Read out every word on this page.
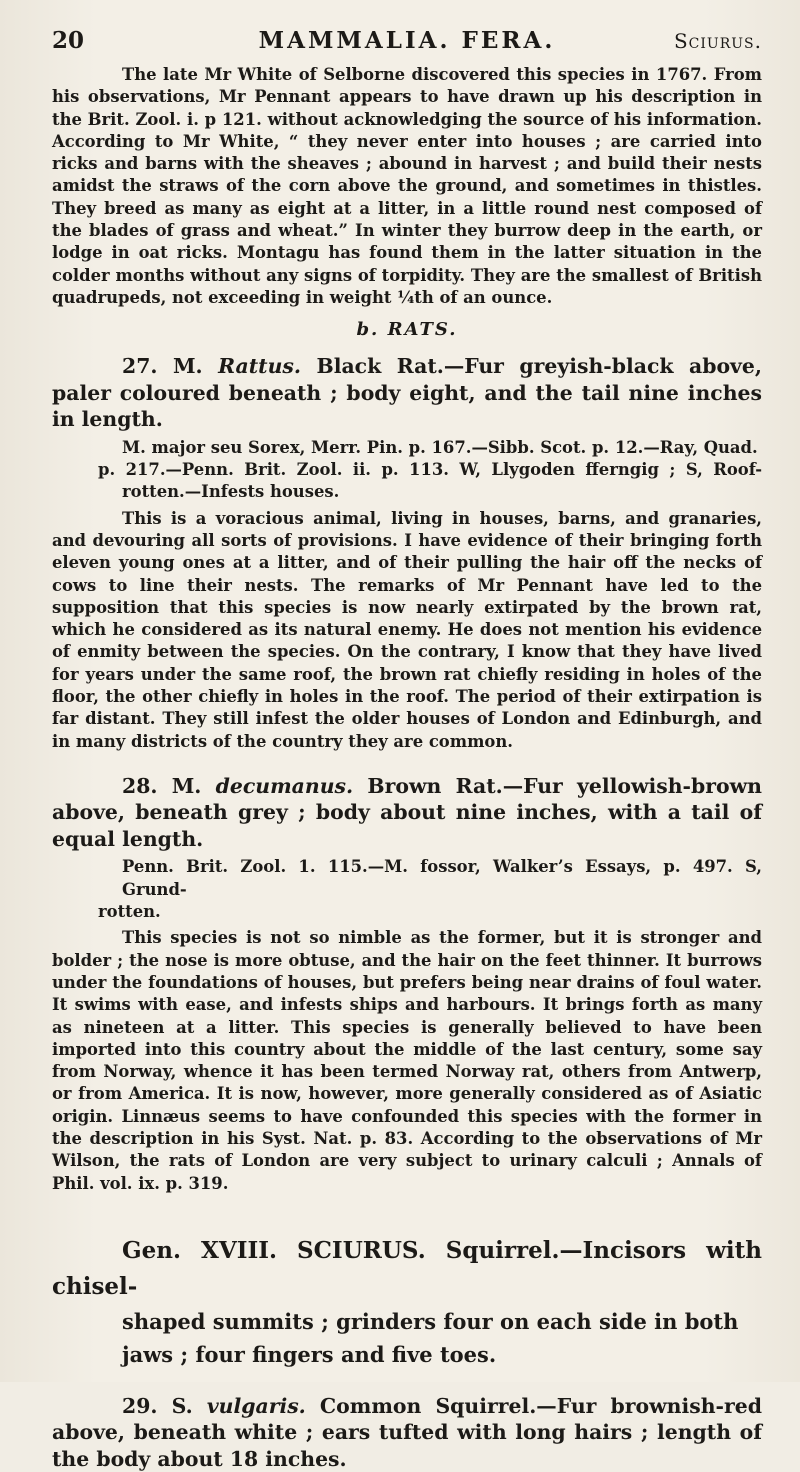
20	MAMMALIA. FERA.	Sciurus.

The late Mr White of Selborne discovered this species in 1767. From his observations, Mr Pennant appears to have drawn up his description in the Brit. Zool. i. p 121. without acknowledging the source of his information. According to Mr White, “ they never enter into houses ; are carried into ricks and barns with the sheaves ; abound in harvest ; and build their nests amidst the straws of the corn above the ground, and sometimes in thistles. They breed as many as eight at a litter, in a little round nest composed of the blades of grass and wheat.” In winter they burrow deep in the earth, or lodge in oat ricks. Montagu has found them in the latter situation in the colder months without any signs of torpidity. They are the smallest of British quadrupeds, not exceeding in weight ¼th of an ounce.

b. RATS.

27. M. Rattus. Black Rat.—Fur greyish-black above, paler coloured beneath ; body eight, and the tail nine inches in length.

M. major seu Sorex, Merr. Pin. p. 167.—Sibb. Scot. p. 12.—Ray, Quad.

p. 217.—Penn. Brit. Zool. ii. p. 113. W, Llygoden fferngig ; S, Roof-rotten.—Infests houses.

This is a voracious animal, living in houses, barns, and granaries, and devouring all sorts of provisions. I have evidence of their bringing forth eleven young ones at a litter, and of their pulling the hair off the necks of cows to line their nests. The remarks of Mr Pennant have led to the supposition that this species is now nearly extirpated by the brown rat, which he considered as its natural enemy. He does not mention his evidence of enmity between the species. On the contrary, I know that they have lived for years under the same roof, the brown rat chiefly residing in holes of the floor, the other chiefly in holes in the roof. The period of their extirpation is far distant. They still infest the older houses of London and Edinburgh, and in many districts of the country they are common.

28. M. decumanus. Brown Rat.—Fur yellowish-brown above, beneath grey ; body about nine inches, with a tail of equal length.

Penn. Brit. Zool. 1. 115.—M. fossor, Walker’s Essays, p. 497. S, Grund-

rotten.

This species is not so nimble as the former, but it is stronger and bolder ; the nose is more obtuse, and the hair on the feet thinner. It burrows under the foundations of houses, but prefers being near drains of foul water. It swims with ease, and infests ships and harbours. It brings forth as many as nineteen at a litter. This species is generally believed to have been imported into this country about the middle of the last century, some say from Norway, whence it has been termed Norway rat, others from Antwerp, or from America. It is now, however, more generally considered as of Asiatic origin. Linnæus seems to have confounded this species with the former in the description in his Syst. Nat. p. 83. According to the observations of Mr Wilson, the rats of London are very subject to urinary calculi ; Annals of Phil. vol. ix. p. 319.

Gen. XVIII. SCIURUS. Squirrel.—Incisors with chisel-

shaped summits ; grinders four on each side in both jaws ; four fingers and five toes.

29. S. vulgaris. Common Squirrel.—Fur brownish-red above, beneath white ; ears tufted with long hairs ; length of the body about 18 inches.
